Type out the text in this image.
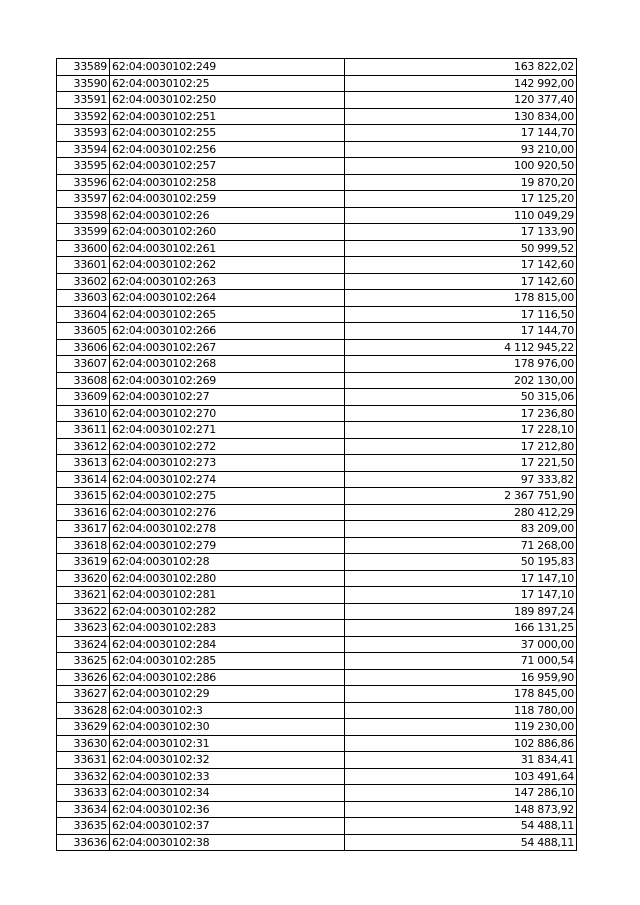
33589	62:04:0030102:249	163 822,02
33590	62:04:0030102:25	142 992,00
33591	62:04:0030102:250	120 377,40
33592	62:04:0030102:251	130 834,00
33593	62:04:0030102:255	17 144,70
33594	62:04:0030102:256	93 210,00
33595	62:04:0030102:257	100 920,50
33596	62:04:0030102:258	19 870,20
33597	62:04:0030102:259	17 125,20
33598	62:04:0030102:26	110 049,29
33599	62:04:0030102:260	17 133,90
33600	62:04:0030102:261	50 999,52
33601	62:04:0030102:262	17 142,60
33602	62:04:0030102:263	17 142,60
33603	62:04:0030102:264	178 815,00
33604	62:04:0030102:265	17 116,50
33605	62:04:0030102:266	17 144,70
33606	62:04:0030102:267	4 112 945,22
33607	62:04:0030102:268	178 976,00
33608	62:04:0030102:269	202 130,00
33609	62:04:0030102:27	50 315,06
33610	62:04:0030102:270	17 236,80
33611	62:04:0030102:271	17 228,10
33612	62:04:0030102:272	17 212,80
33613	62:04:0030102:273	17 221,50
33614	62:04:0030102:274	97 333,82
33615	62:04:0030102:275	2 367 751,90
33616	62:04:0030102:276	280 412,29
33617	62:04:0030102:278	83 209,00
33618	62:04:0030102:279	71 268,00
33619	62:04:0030102:28	50 195,83
33620	62:04:0030102:280	17 147,10
33621	62:04:0030102:281	17 147,10
33622	62:04:0030102:282	189 897,24
33623	62:04:0030102:283	166 131,25
33624	62:04:0030102:284	37 000,00
33625	62:04:0030102:285	71 000,54
33626	62:04:0030102:286	16 959,90
33627	62:04:0030102:29	178 845,00
33628	62:04:0030102:3	118 780,00
33629	62:04:0030102:30	119 230,00
33630	62:04:0030102:31	102 886,86
33631	62:04:0030102:32	31 834,41
33632	62:04:0030102:33	103 491,64
33633	62:04:0030102:34	147 286,10
33634	62:04:0030102:36	148 873,92
33635	62:04:0030102:37	54 488,11
33636	62:04:0030102:38	54 488,11
